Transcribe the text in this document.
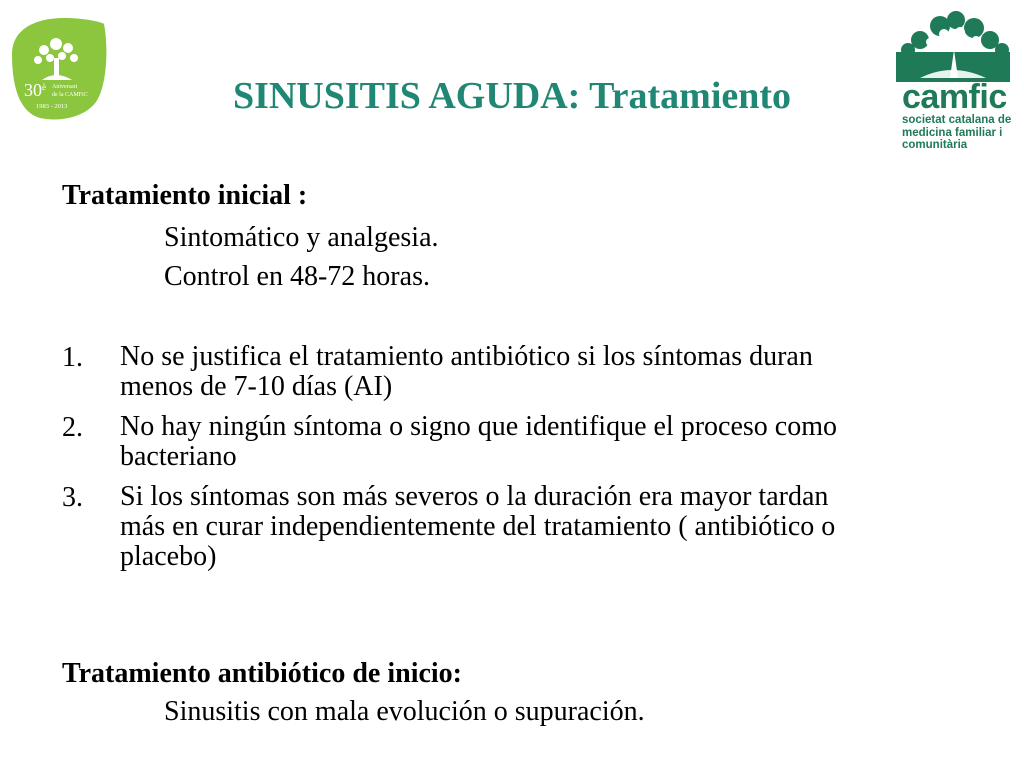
30 è Aniversari
de la CAMFiC
1983 - 2013	camfic
societat catalana de
medicina familiar i
comunitària
SINUSITIS AGUDA: Tratamiento
Tratamiento inicial :
Sintomático y analgesia.
Control en 48-72 horas.
1. No se justifica el tratamiento antibiótico si los síntomas duran
menos de 7-10 días (AI)
2. No hay ningún síntoma o signo que identifique el proceso como
bacteriano
3. Si los síntomas son más severos o la duración era mayor tardan
más en curar independientemente del tratamiento ( antibiótico o
placebo)
Tratamiento antibiótico de inicio:
Sinusitis con mala evolución o supuración.
